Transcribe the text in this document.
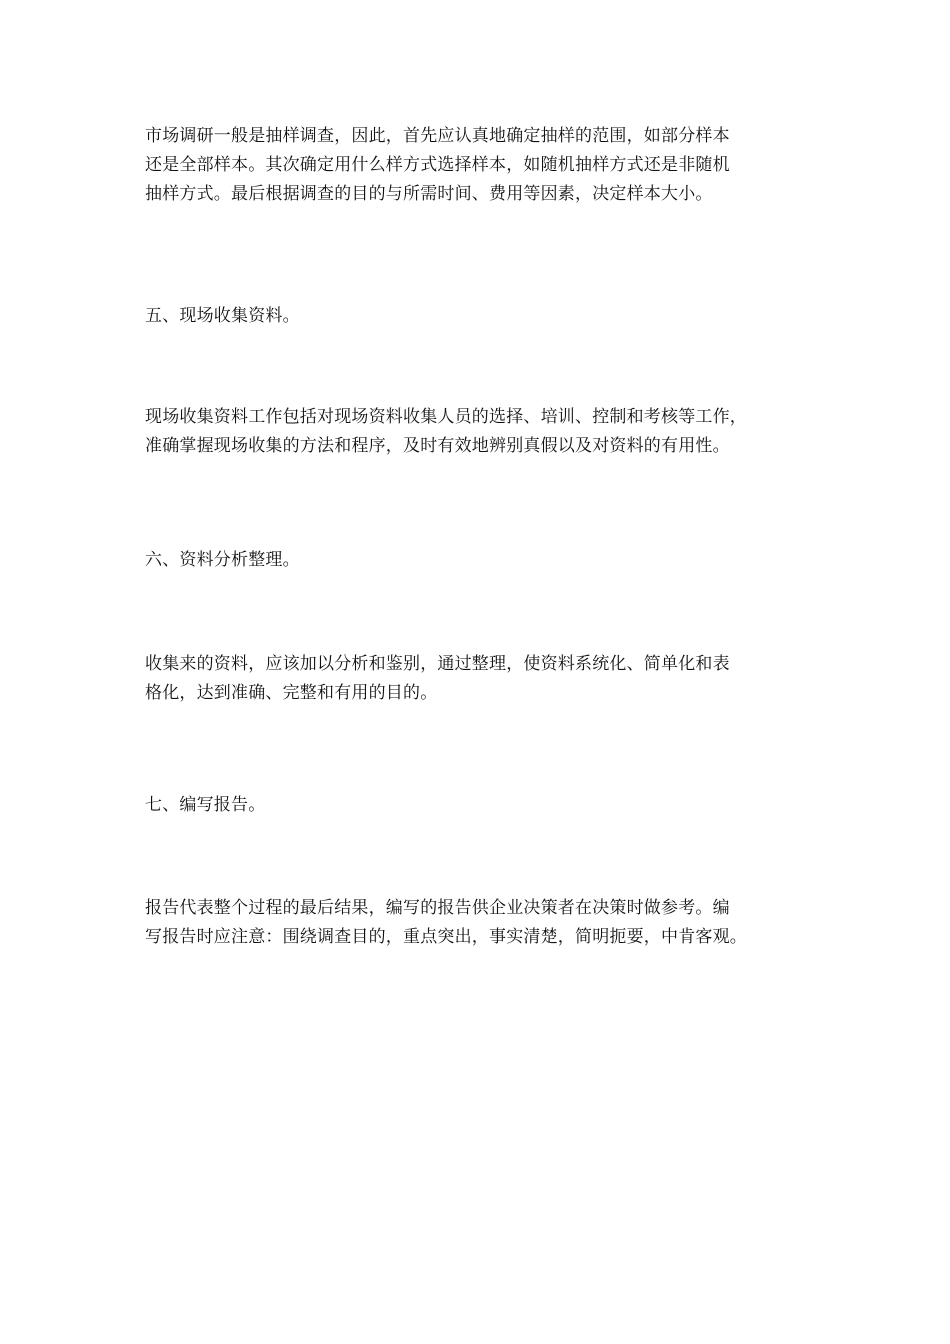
市场调研一般是抽样调查，因此，首先应认真地确定抽样的范围，如部分样本
还是全部样本。其次确定用什么样方式选择样本，如随机抽样方式还是非随机
抽样方式。最后根据调查的目的与所需时间、费用等因素，决定样本大小。

五、现场收集资料。

现场收集资料工作包括对现场资料收集人员的选择、培训、控制和考核等工作，
准确掌握现场收集的方法和程序，及时有效地辨别真假以及对资料的有用性。

六、资料分析整理。

收集来的资料，应该加以分析和鉴别，通过整理，使资料系统化、简单化和表
格化，达到准确、完整和有用的目的。

七、编写报告。

报告代表整个过程的最后结果，编写的报告供企业决策者在决策时做参考。编
写报告时应注意：围绕调查目的，重点突出，事实清楚，简明扼要，中肯客观。
